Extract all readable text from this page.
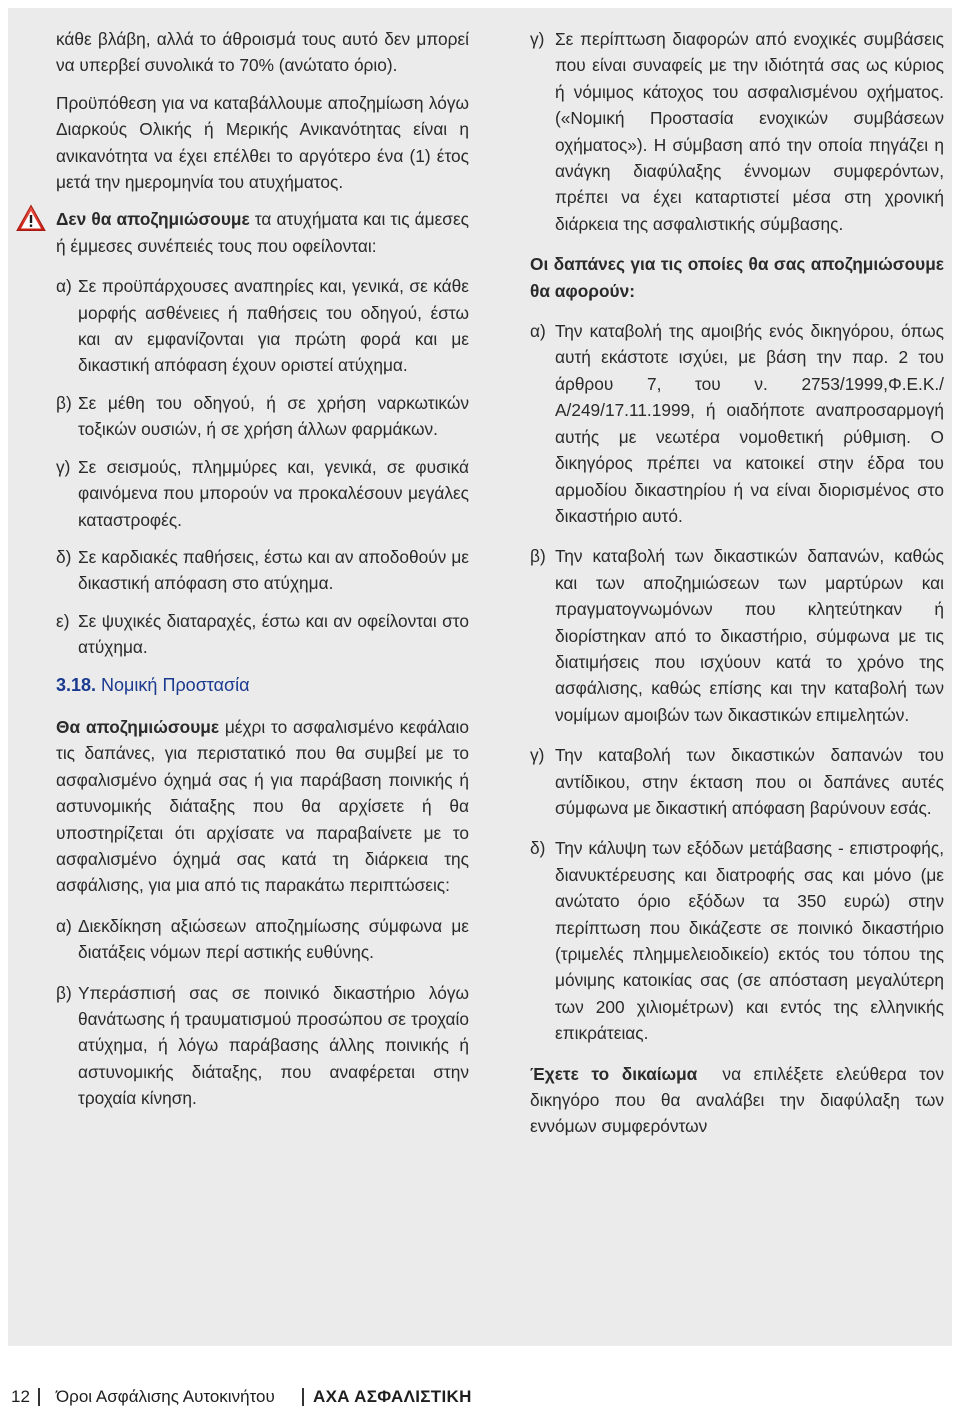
κάθε βλάβη, αλλά το άθροισμά τους αυτό δεν μπορεί να υπερβεί συνολικά το 70% (ανώτατο όριο).

Προϋπόθεση για να καταβάλλουμε αποζημίωση λόγω Διαρκούς Ολικής ή Μερικής Ανικανότητας είναι η ανικανότητα να έχει επέλθει το αργότερο ένα (1) έτος μετά την ημερομηνία του ατυχήματος.

Δεν θα αποζημιώσουμε τα ατυχήματα και τις άμεσες ή έμμεσες συνέπειές τους που οφείλονται:

α) Σε προϋπάρχουσες αναπηρίες και, γενικά, σε κάθε μορφής ασθένειες ή παθήσεις του οδηγού, έστω και αν εμφανίζονται για πρώτη φορά και με δικαστική απόφαση έχουν οριστεί ατύχημα.
β) Σε μέθη του οδηγού, ή σε χρήση ναρκωτικών τοξικών ουσιών, ή σε χρήση άλλων φαρμάκων.
γ) Σε σεισμούς, πλημμύρες και, γενικά, σε φυσικά φαινόμενα που μπορούν να προκαλέσουν μεγάλες καταστροφές.
δ) Σε καρδιακές παθήσεις, έστω και αν αποδοθούν με δικαστική απόφαση στο ατύχημα.
ε) Σε ψυχικές διαταραχές, έστω και αν οφείλονται στο ατύχημα.
3.18. Νομική Προστασία

Θα αποζημιώσουμε μέχρι το ασφαλισμένο κεφάλαιο τις δαπάνες, για περιστατικό που θα συμβεί με το ασφαλισμένο όχημά σας ή για παράβαση ποινικής ή αστυνομικής διάταξης που θα αρχίσετε ή θα υποστηρίζεται ότι αρχίσατε να παραβαίνετε με το ασφαλισμένο όχημά σας κατά τη διάρκεια της ασφάλισης, για μια από τις παρακάτω περιπτώσεις:

α) Διεκδίκηση αξιώσεων αποζημίωσης σύμφωνα με διατάξεις νόμων περί αστικής ευθύνης.
β) Υπεράσπισή σας σε ποινικό δικαστήριο λόγω θανάτωσης ή τραυματισμού προσώπου σε τροχαίο ατύχημα, ή λόγω παράβασης άλλης ποινικής ή αστυνομικής διάταξης, που αναφέρεται στην τροχαία κίνηση.
γ) Σε περίπτωση διαφορών από ενοχικές συμβάσεις που είναι συναφείς με την ιδιότητά σας ως κύριος ή νόμιμος κάτοχος του ασφαλισμένου οχήματος. («Νομική Προστασία ενοχικών συμβάσεων οχήματος»). Η σύμβαση από την οποία πηγάζει η ανάγκη διαφύλαξης έννομων συμφερόντων, πρέπει να έχει καταρτιστεί μέσα στη χρονική διάρκεια της ασφαλιστικής σύμβασης.

Οι δαπάνες για τις οποίες θα σας αποζημιώσουμε θα αφορούν:

α) Την καταβολή της αμοιβής ενός δικηγόρου, όπως αυτή εκάστοτε ισχύει, με βάση την παρ. 2 του άρθρου 7, του ν. 2753/1999,Φ.Ε.Κ./Α/249/17.11.1999, ή οιαδήποτε αναπροσαρμογή αυτής με νεωτέρα νομοθετική ρύθμιση. Ο δικηγόρος πρέπει να κατοικεί στην έδρα του αρμοδίου δικαστηρίου ή να είναι διορισμένος στο δικαστήριο αυτό.
β) Την καταβολή των δικαστικών δαπανών, καθώς και των αποζημιώσεων των μαρτύρων και πραγματογνωμόνων που κλητεύτηκαν ή διορίστηκαν από το δικαστήριο, σύμφωνα με τις διατιμήσεις που ισχύουν κατά το χρόνο της ασφάλισης, καθώς επίσης και την καταβολή των νομίμων αμοιβών των δικαστικών επιμελητών.
γ) Την καταβολή των δικαστικών δαπανών του αντίδικου, στην έκταση που οι δαπάνες αυτές σύμφωνα με δικαστική απόφαση βαρύνουν εσάς.
δ) Την κάλυψη των εξόδων μετάβασης - επιστροφής, διανυκτέρευσης και διατροφής σας και μόνο (με ανώτατο όριο εξόδων τα 350 ευρώ) στην περίπτωση που δικάζεστε σε ποινικό δικαστήριο (τριμελές πλημμελειοδικείο) εκτός του τόπου της μόνιμης κατοικίας σας (σε απόσταση μεγαλύτερη των 200 χιλιομέτρων) και εντός της ελληνικής επικράτειας.

Έχετε το δικαίωμα  να επιλέξετε ελεύθερα τον δικηγόρο που θα αναλάβει την διαφύλαξη των εννόμων συμφερόντων

12 Όροι Ασφάλισης Αυτοκινήτου AXA ΑΣΦΑΛΙΣΤΙΚΗ
